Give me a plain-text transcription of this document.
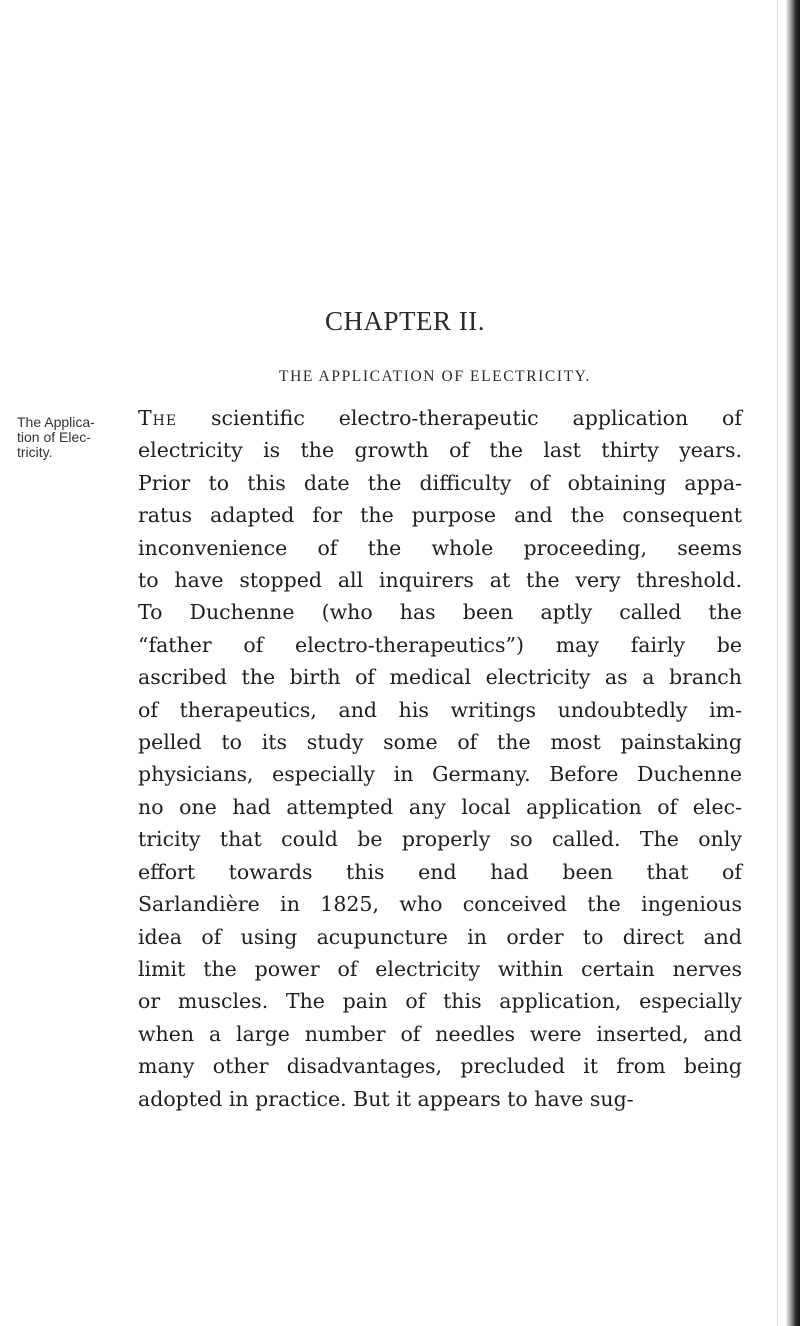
CHAPTER II.
THE APPLICATION OF ELECTRICITY.
The Applica-
tion of Elec-
tricity.
The scientific electro-therapeutic application of
electricity is the growth of the last thirty years.
Prior to this date the difficulty of obtaining appa-
ratus adapted for the purpose and the consequent
inconvenience of the whole proceeding, seems
to have stopped all inquirers at the very threshold.
To Duchenne (who has been aptly called the
“father of electro-therapeutics”) may fairly be
ascribed the birth of medical electricity as a branch
of therapeutics, and his writings undoubtedly im-
pelled to its study some of the most painstaking
physicians, especially in Germany. Before Duchenne
no one had attempted any local application of elec-
tricity that could be properly so called. The only
effort towards this end had been that of
Sarlandière in 1825, who conceived the ingenious
idea of using acupuncture in order to direct and
limit the power of electricity within certain nerves
or muscles. The pain of this application, especially
when a large number of needles were inserted, and
many other disadvantages, precluded it from being
adopted in practice. But it appears to have sug-
